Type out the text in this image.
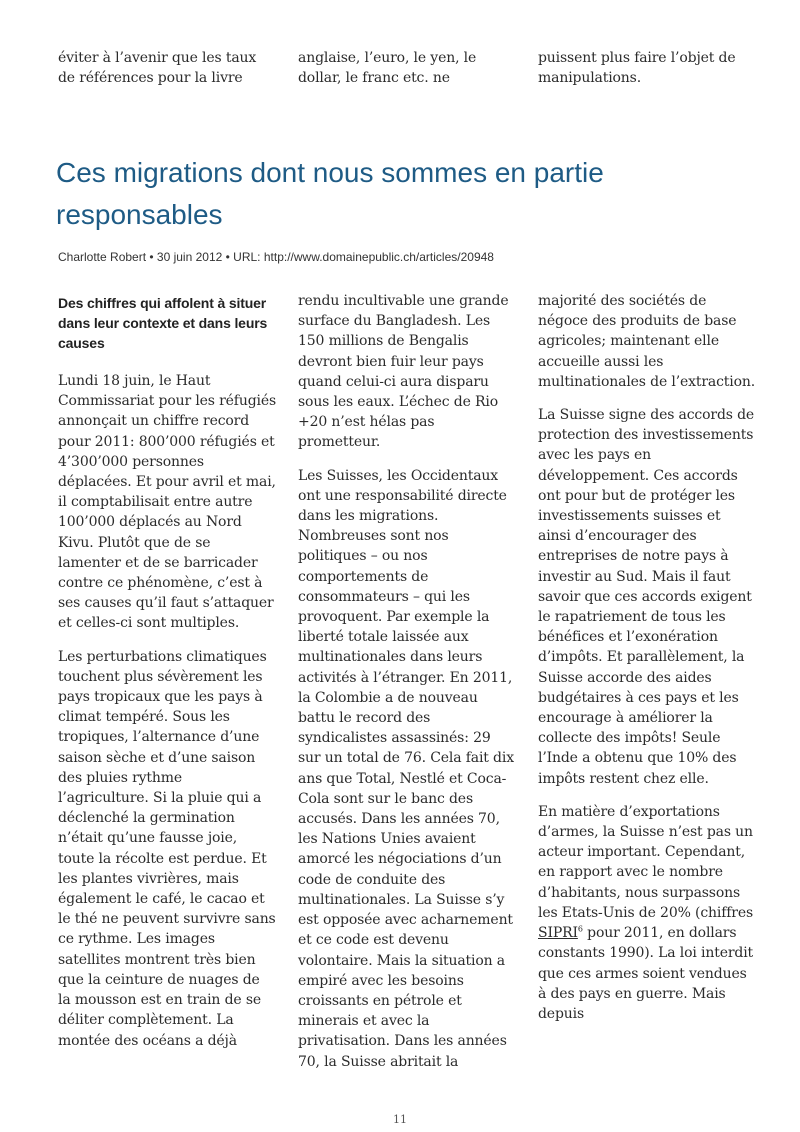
éviter à l’avenir que les taux de références pour la livre

anglaise, l’euro, le yen, le dollar, le franc etc. ne

puissent plus faire l’objet de manipulations.

Ces migrations dont nous sommes en partie responsables

Charlotte Robert • 30 juin 2012 • URL: http://www.domainepublic.ch/articles/20948

Des chiffres qui affolent à situer dans leur contexte et dans leurs causes

Lundi 18 juin, le Haut Commissariat pour les réfugiés annonçait un chiffre record pour 2011: 800’000 réfugiés et 4’300’000 personnes déplacées. Et pour avril et mai, il comptabilisait entre autre 100’000 déplacés au Nord Kivu. Plutôt que de se lamenter et de se barricader contre ce phénomène, c’est à ses causes qu’il faut s’attaquer et celles-ci sont multiples.

Les perturbations climatiques touchent plus sévèrement les pays tropicaux que les pays à climat tempéré. Sous les tropiques, l’alternance d’une saison sèche et d’une saison des pluies rythme l’agriculture. Si la pluie qui a déclenché la germination n’était qu’une fausse joie, toute la récolte est perdue. Et les plantes vivrières, mais également le café, le cacao et le thé ne peuvent survivre sans ce rythme. Les images satellites montrent très bien que la ceinture de nuages de la mousson est en train de se déliter complètement. La montée des océans a déjà

rendu incultivable une grande surface du Bangladesh. Les 150 millions de Bengalis devront bien fuir leur pays quand celui-ci aura disparu sous les eaux. L’échec de Rio +20 n’est hélas pas prometteur.

Les Suisses, les Occidentaux ont une responsabilité directe dans les migrations. Nombreuses sont nos politiques – ou nos comportements de consommateurs – qui les provoquent. Par exemple la liberté totale laissée aux multinationales dans leurs activités à l’étranger. En 2011, la Colombie a de nouveau battu le record des syndicalistes assassinés: 29 sur un total de 76. Cela fait dix ans que Total, Nestlé et Coca-Cola sont sur le banc des accusés. Dans les années 70, les Nations Unies avaient amorcé les négociations d’un code de conduite des multinationales. La Suisse s’y est opposée avec acharnement et ce code est devenu volontaire. Mais la situation a empiré avec les besoins croissants en pétrole et minerais et avec la privatisation. Dans les années 70, la Suisse abritait la

majorité des sociétés de négoce des produits de base agricoles; maintenant elle accueille aussi les multinationales de l’extraction.

La Suisse signe des accords de protection des investissements avec les pays en développement. Ces accords ont pour but de protéger les investissements suisses et ainsi d’encourager des entreprises de notre pays à investir au Sud. Mais il faut savoir que ces accords exigent le rapatriement de tous les bénéfices et l’exonération d’impôts. Et parallèlement, la Suisse accorde des aides budgétaires à ces pays et les encourage à améliorer la collecte des impôts! Seule l’Inde a obtenu que 10% des impôts restent chez elle.

En matière d’exportations d’armes, la Suisse n’est pas un acteur important. Cependant, en rapport avec le nombre d’habitants, nous surpassons les Etats-Unis de 20% (chiffres SIPRI$^6$ pour 2011, en dollars constants 1990). La loi interdit que ces armes soient vendues à des pays en guerre. Mais depuis

11
